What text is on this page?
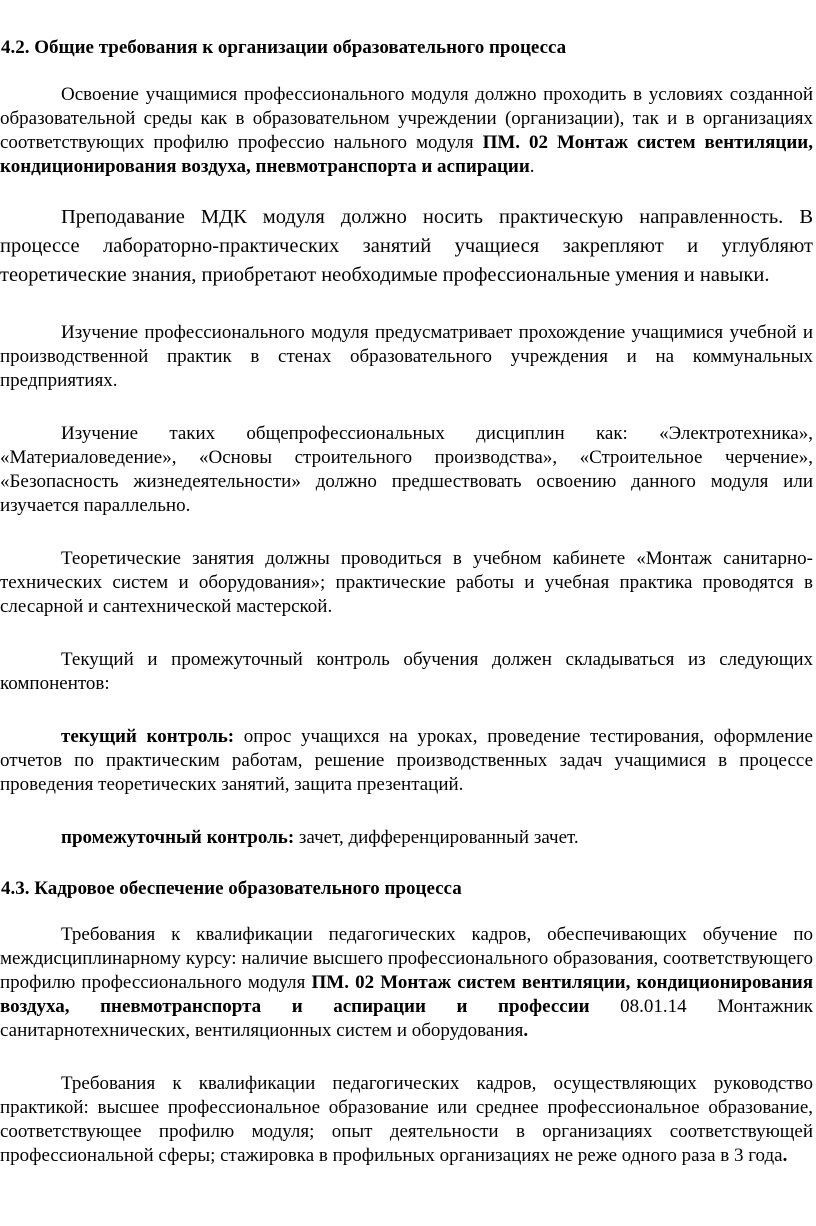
4.2. Общие требования к организации образовательного процесса

Освоение учащимися профессионального модуля должно проходить в условиях созданной образовательной среды как в образовательном учреждении (организации), так и в организациях соответствующих профилю профессио нального модуля ПМ. 02 Монтаж систем вентиляции, кондиционирования воздуха, пневмотранспорта и аспирации.

Преподавание МДК модуля должно носить практическую направленность. В процессе лабораторно-практических занятий учащиеся закрепляют и углубляют теоретические знания, приобретают необходимые профессиональные умения и навыки.

Изучение профессионального модуля предусматривает прохождение учащимися учебной и производственной практик в стенах образовательного учреждения и на коммунальных предприятиях.

Изучение таких общепрофессиональных дисциплин как: «Электротехника», «Материаловедение», «Основы строительного производства», «Строительное черчение», «Безопасность жизнедеятельности» должно предшествовать освоению данного модуля или изучается параллельно.

Теоретические занятия должны проводиться в учебном кабинете «Монтаж санитарно-технических систем и оборудования»; практические работы и учебная практика проводятся в слесарной и сантехнической мастерской.

Текущий и промежуточный контроль обучения должен складываться из следующих компонентов:

текущий контроль: опрос учащихся на уроках, проведение тестирования, оформление отчетов по практическим работам, решение производственных задач учащимися в процессе проведения теоретических занятий, защита презентаций.

промежуточный контроль: зачет, дифференцированный зачет.

4.3. Кадровое обеспечение образовательного процесса

Требования к квалификации педагогических кадров, обеспечивающих обучение по междисциплинарному курсу: наличие высшего профессионального образования, соответствующего профилю профессионального модуля ПМ. 02 Монтаж систем вентиляции, кондиционирования воздуха, пневмотранспорта и аспирации и профессии 08.01.14 Монтажник санитарнотехнических, вентиляционных систем и оборудования.

Требования к квалификации педагогических кадров, осуществляющих руководство практикой: высшее профессиональное образование или среднее профессиональное образование, соответствующее профилю модуля; опыт деятельности в организациях соответствующей профессиональной сферы; стажировка в профильных организациях не реже одного раза в 3 года.
